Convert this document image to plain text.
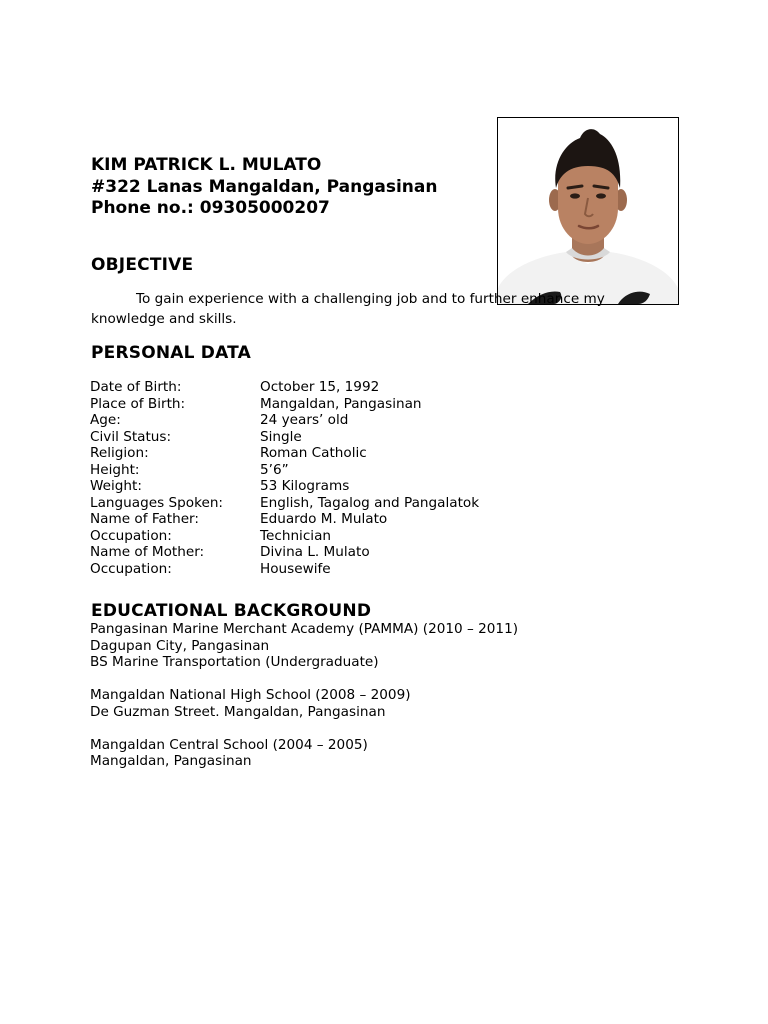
KIM PATRICK L. MULATO
#322 Lanas Mangaldan, Pangasinan
Phone no.: 09305000207
OBJECTIVE
To gain experience with a challenging job and to further enhance my
knowledge and skills.
PERSONAL DATA
Date of Birth:	October 15, 1992
Place of Birth:	Mangaldan, Pangasinan
Age:	24 years’ old
Civil Status:	Single
Religion:	Roman Catholic
Height:	5’6”
Weight:	53 Kilograms
Languages Spoken:	English, Tagalog and Pangalatok
Name of Father:	Eduardo M. Mulato
Occupation:	Technician
Name of Mother:	Divina L. Mulato
Occupation:	Housewife
EDUCATIONAL BACKGROUND
Pangasinan Marine Merchant Academy (PAMMA) (2010 – 2011)
Dagupan City, Pangasinan
BS Marine Transportation (Undergraduate)
Mangaldan National High School (2008 – 2009)
De Guzman Street. Mangaldan, Pangasinan
Mangaldan Central School (2004 – 2005)
Mangaldan, Pangasinan
